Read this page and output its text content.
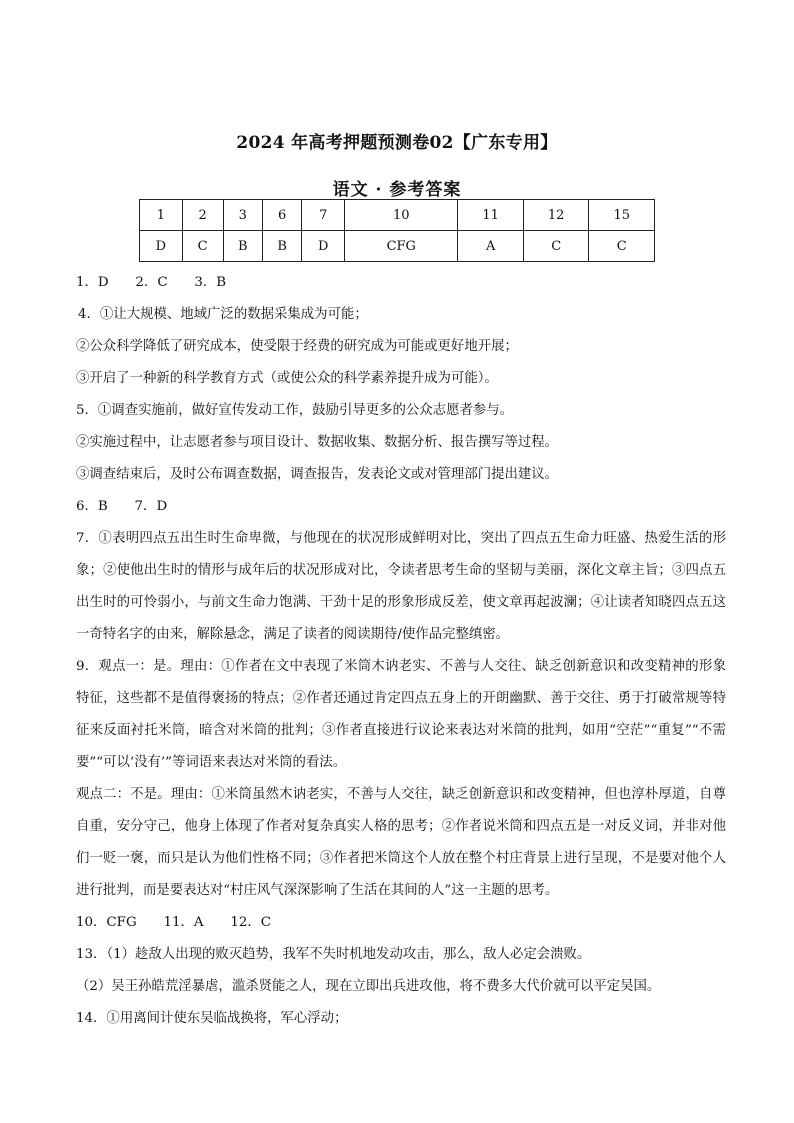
2024 年高考押题预测卷02【广东专用】
语文 · 参考答案
1	2	3	6	7	10	11	12	15
D	C	B	B	D	CFG	A	C	C

1．D　　2．C　　3．B

4．①让大规模、地域广泛的数据采集成为可能；

②公众科学降低了研究成本，使受限于经费的研究成为可能或更好地开展；

③开启了一种新的科学教育方式（或使公众的科学素养提升成为可能）。

5．①调查实施前，做好宣传发动工作，鼓励引导更多的公众志愿者参与。

②实施过程中，让志愿者参与项目设计、数据收集、数据分析、报告撰写等过程。

③调查结束后，及时公布调查数据，调查报告，发表论文或对管理部门提出建议。

6．B　　7．D

7．①表明四点五出生时生命卑微，与他现在的状况形成鲜明对比，突出了四点五生命力旺盛、热爱生活的形象；②使他出生时的情形与成年后的状况形成对比，令读者思考生命的坚韧与美丽，深化文章主旨；③四点五出生时的可怜弱小，与前文生命力饱满、干劲十足的形象形成反差，使文章再起波澜；④让读者知晓四点五这一奇特名字的由来，解除悬念，满足了读者的阅读期待/使作品完整缜密。

9．观点一：是。理由：①作者在文中表现了米筒木讷老实、不善与人交往、缺乏创新意识和改变精神的形象特征，这些都不是值得褒扬的特点；②作者还通过肯定四点五身上的开朗幽默、善于交往、勇于打破常规等特征来反面衬托米筒，暗含对米筒的批判；③作者直接进行议论来表达对米筒的批判，如用“空茫”“重复”“不需要”“可以‘没有’”等词语来表达对米筒的看法。

观点二：不是。理由：①米筒虽然木讷老实，不善与人交往，缺乏创新意识和改变精神，但也淳朴厚道，自尊自重，安分守己，他身上体现了作者对复杂真实人格的思考；②作者说米筒和四点五是一对反义词，并非对他们一贬一褒，而只是认为他们性格不同；③作者把米筒这个人放在整个村庄背景上进行呈现，不是要对他个人进行批判，而是要表达对“村庄风气深深影响了生活在其间的人”这一主题的思考。

10．CFG　　11．A　　12．C

13．（1）趁敌人出现的败灭趋势，我军不失时机地发动攻击，那么，敌人必定会溃败。

（2）吴王孙皓荒淫暴虐，滥杀贤能之人，现在立即出兵进攻他，将不费多大代价就可以平定吴国。

14．①用离间计使东吴临战换将，军心浮动；
